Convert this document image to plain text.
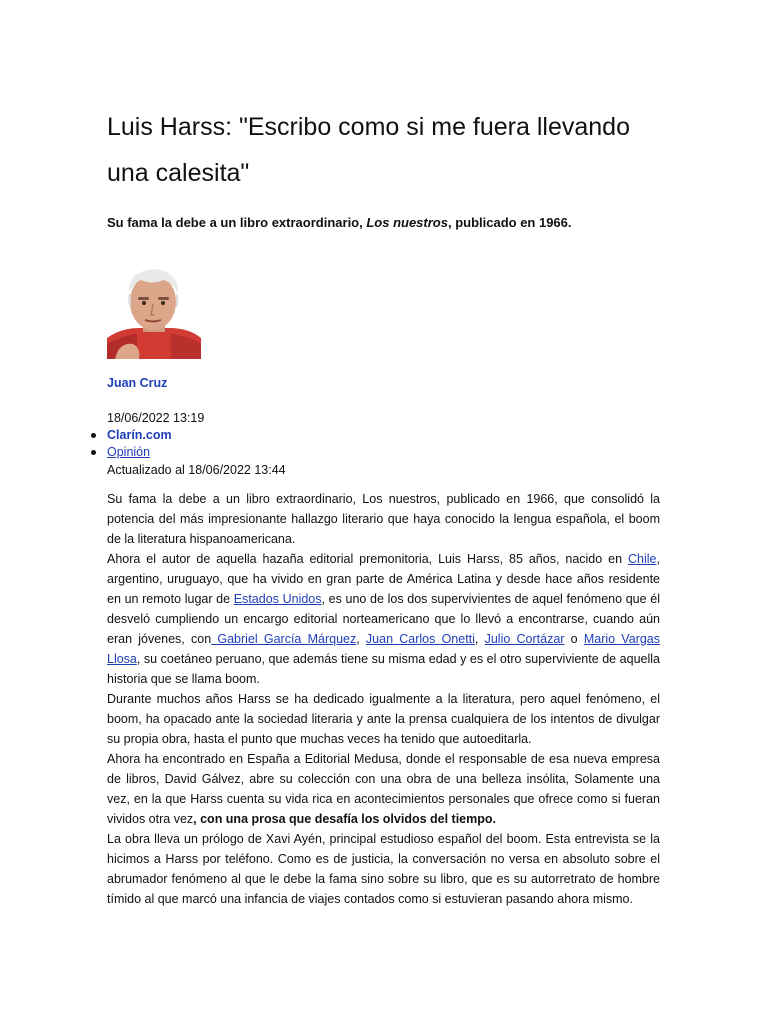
Luis Harss: "Escribo como si me fuera llevando una calesita"

Su fama la debe a un libro extraordinario, Los nuestros, publicado en 1966.

Juan Cruz
18/06/2022 13:19
Clarín.com
Opinión
Actualizado al 18/06/2022 13:44

Su fama la debe a un libro extraordinario, Los nuestros, publicado en 1966, que consolidó la potencia del más impresionante hallazgo literario que haya conocido la lengua española, el boom de la literatura hispanoamericana.

Ahora el autor de aquella hazaña editorial premonitoria, Luis Harss, 85 años, nacido en Chile, argentino, uruguayo, que ha vivido en gran parte de América Latina y desde hace años residente en un remoto lugar de Estados Unidos, es uno de los dos supervivientes de aquel fenómeno que él desveló cumpliendo un encargo editorial norteamericano que lo llevó a encontrarse, cuando aún eran jóvenes, con Gabriel García Márquez, Juan Carlos Onetti, Julio Cortázar o Mario Vargas Llosa, su coetáneo peruano, que además tiene su misma edad y es el otro superviviente de aquella historia que se llama boom.

Durante muchos años Harss se ha dedicado igualmente a la literatura, pero aquel fenómeno, el boom, ha opacado ante la sociedad literaria y ante la prensa cualquiera de los intentos de divulgar su propia obra, hasta el punto que muchas veces ha tenido que autoeditarla.

Ahora ha encontrado en España a Editorial Medusa, donde el responsable de esa nueva empresa de libros, David Gálvez, abre su colección con una obra de una belleza insólita, Solamente una vez, en la que Harss cuenta su vida rica en acontecimientos personales que ofrece como si fueran vividos otra vez, con una prosa que desafía los olvidos del tiempo.

La obra lleva un prólogo de Xavi Ayén, principal estudioso español del boom. Esta entrevista se la hicimos a Harss por teléfono. Como es de justicia, la conversación no versa en absoluto sobre el abrumador fenómeno al que le debe la fama sino sobre su libro, que es su autorretrato de hombre tímido al que marcó una infancia de viajes contados como si estuvieran pasando ahora mismo.
